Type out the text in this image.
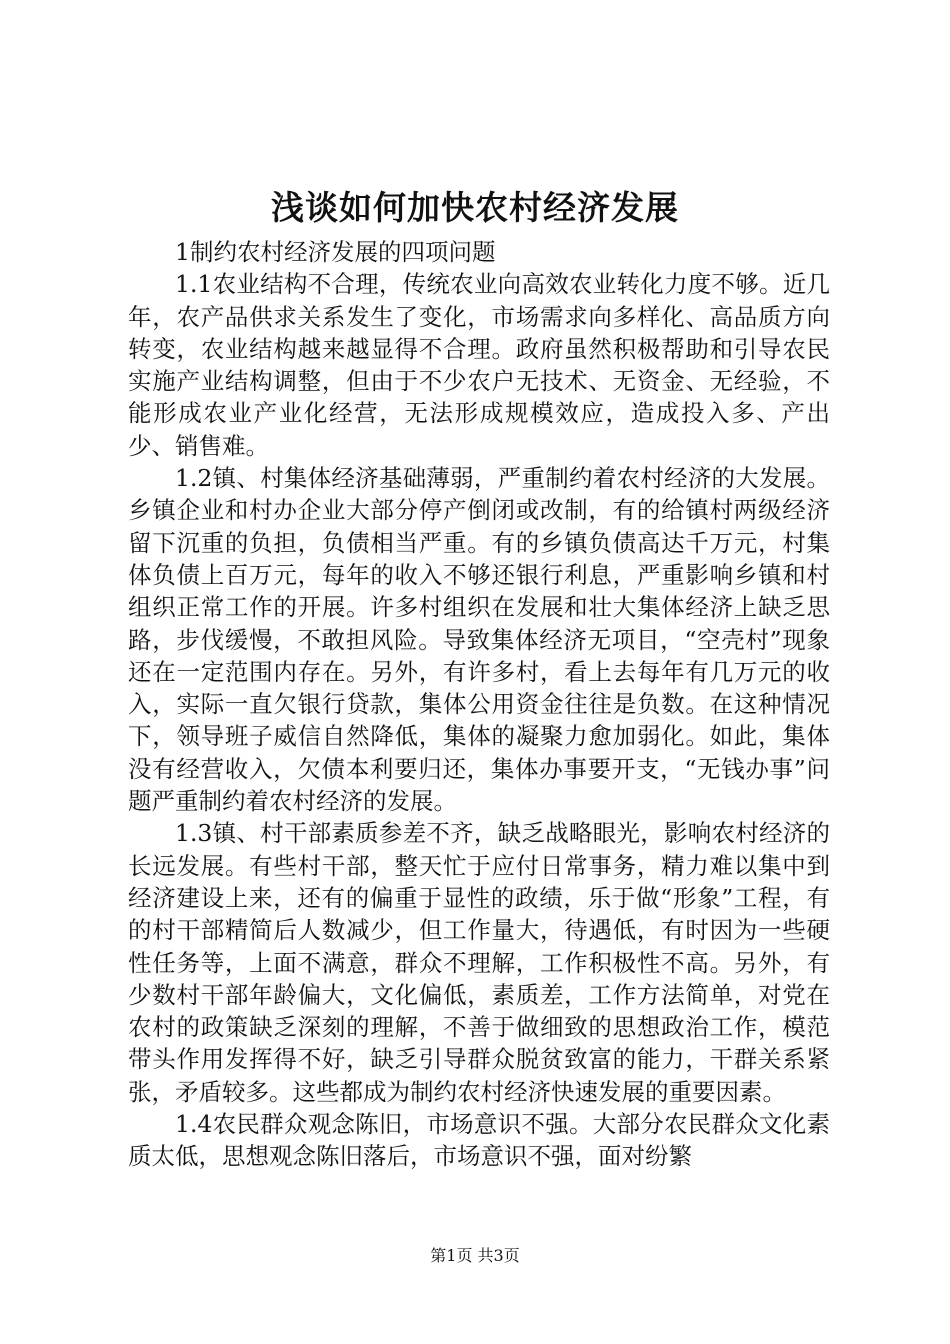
浅谈如何加快农村经济发展

1制约农村经济发展的四项问题

1.1农业结构不合理，传统农业向高效农业转化力度不够。近几年，农产品供求关系发生了变化，市场需求向多样化、高品质方向转变，农业结构越来越显得不合理。政府虽然积极帮助和引导农民实施产业结构调整，但由于不少农户无技术、无资金、无经验，不能形成农业产业化经营，无法形成规模效应，造成投入多、产出少、销售难。

1.2镇、村集体经济基础薄弱，严重制约着农村经济的大发展。乡镇企业和村办企业大部分停产倒闭或改制，有的给镇村两级经济留下沉重的负担，负债相当严重。有的乡镇负债高达千万元，村集体负债上百万元，每年的收入不够还银行利息，严重影响乡镇和村组织正常工作的开展。许多村组织在发展和壮大集体经济上缺乏思路，步伐缓慢，不敢担风险。导致集体经济无项目，“空壳村”现象还在一定范围内存在。另外，有许多村，看上去每年有几万元的收入，实际一直欠银行贷款，集体公用资金往往是负数。在这种情况下，领导班子威信自然降低，集体的凝聚力愈加弱化。如此，集体没有经营收入，欠债本利要归还，集体办事要开支，“无钱办事”问题严重制约着农村经济的发展。

1.3镇、村干部素质参差不齐，缺乏战略眼光，影响农村经济的长远发展。有些村干部，整天忙于应付日常事务，精力难以集中到经济建设上来，还有的偏重于显性的政绩，乐于做“形象”工程，有的村干部精简后人数减少，但工作量大，待遇低，有时因为一些硬性任务等，上面不满意，群众不理解，工作积极性不高。另外，有少数村干部年龄偏大，文化偏低，素质差，工作方法简单，对党在农村的政策缺乏深刻的理解，不善于做细致的思想政治工作，模范带头作用发挥得不好，缺乏引导群众脱贫致富的能力，干群关系紧张，矛盾较多。这些都成为制约农村经济快速发展的重要因素。

1.4农民群众观念陈旧，市场意识不强。大部分农民群众文化素质太低，思想观念陈旧落后，市场意识不强，面对纷繁

第1页 共3页
